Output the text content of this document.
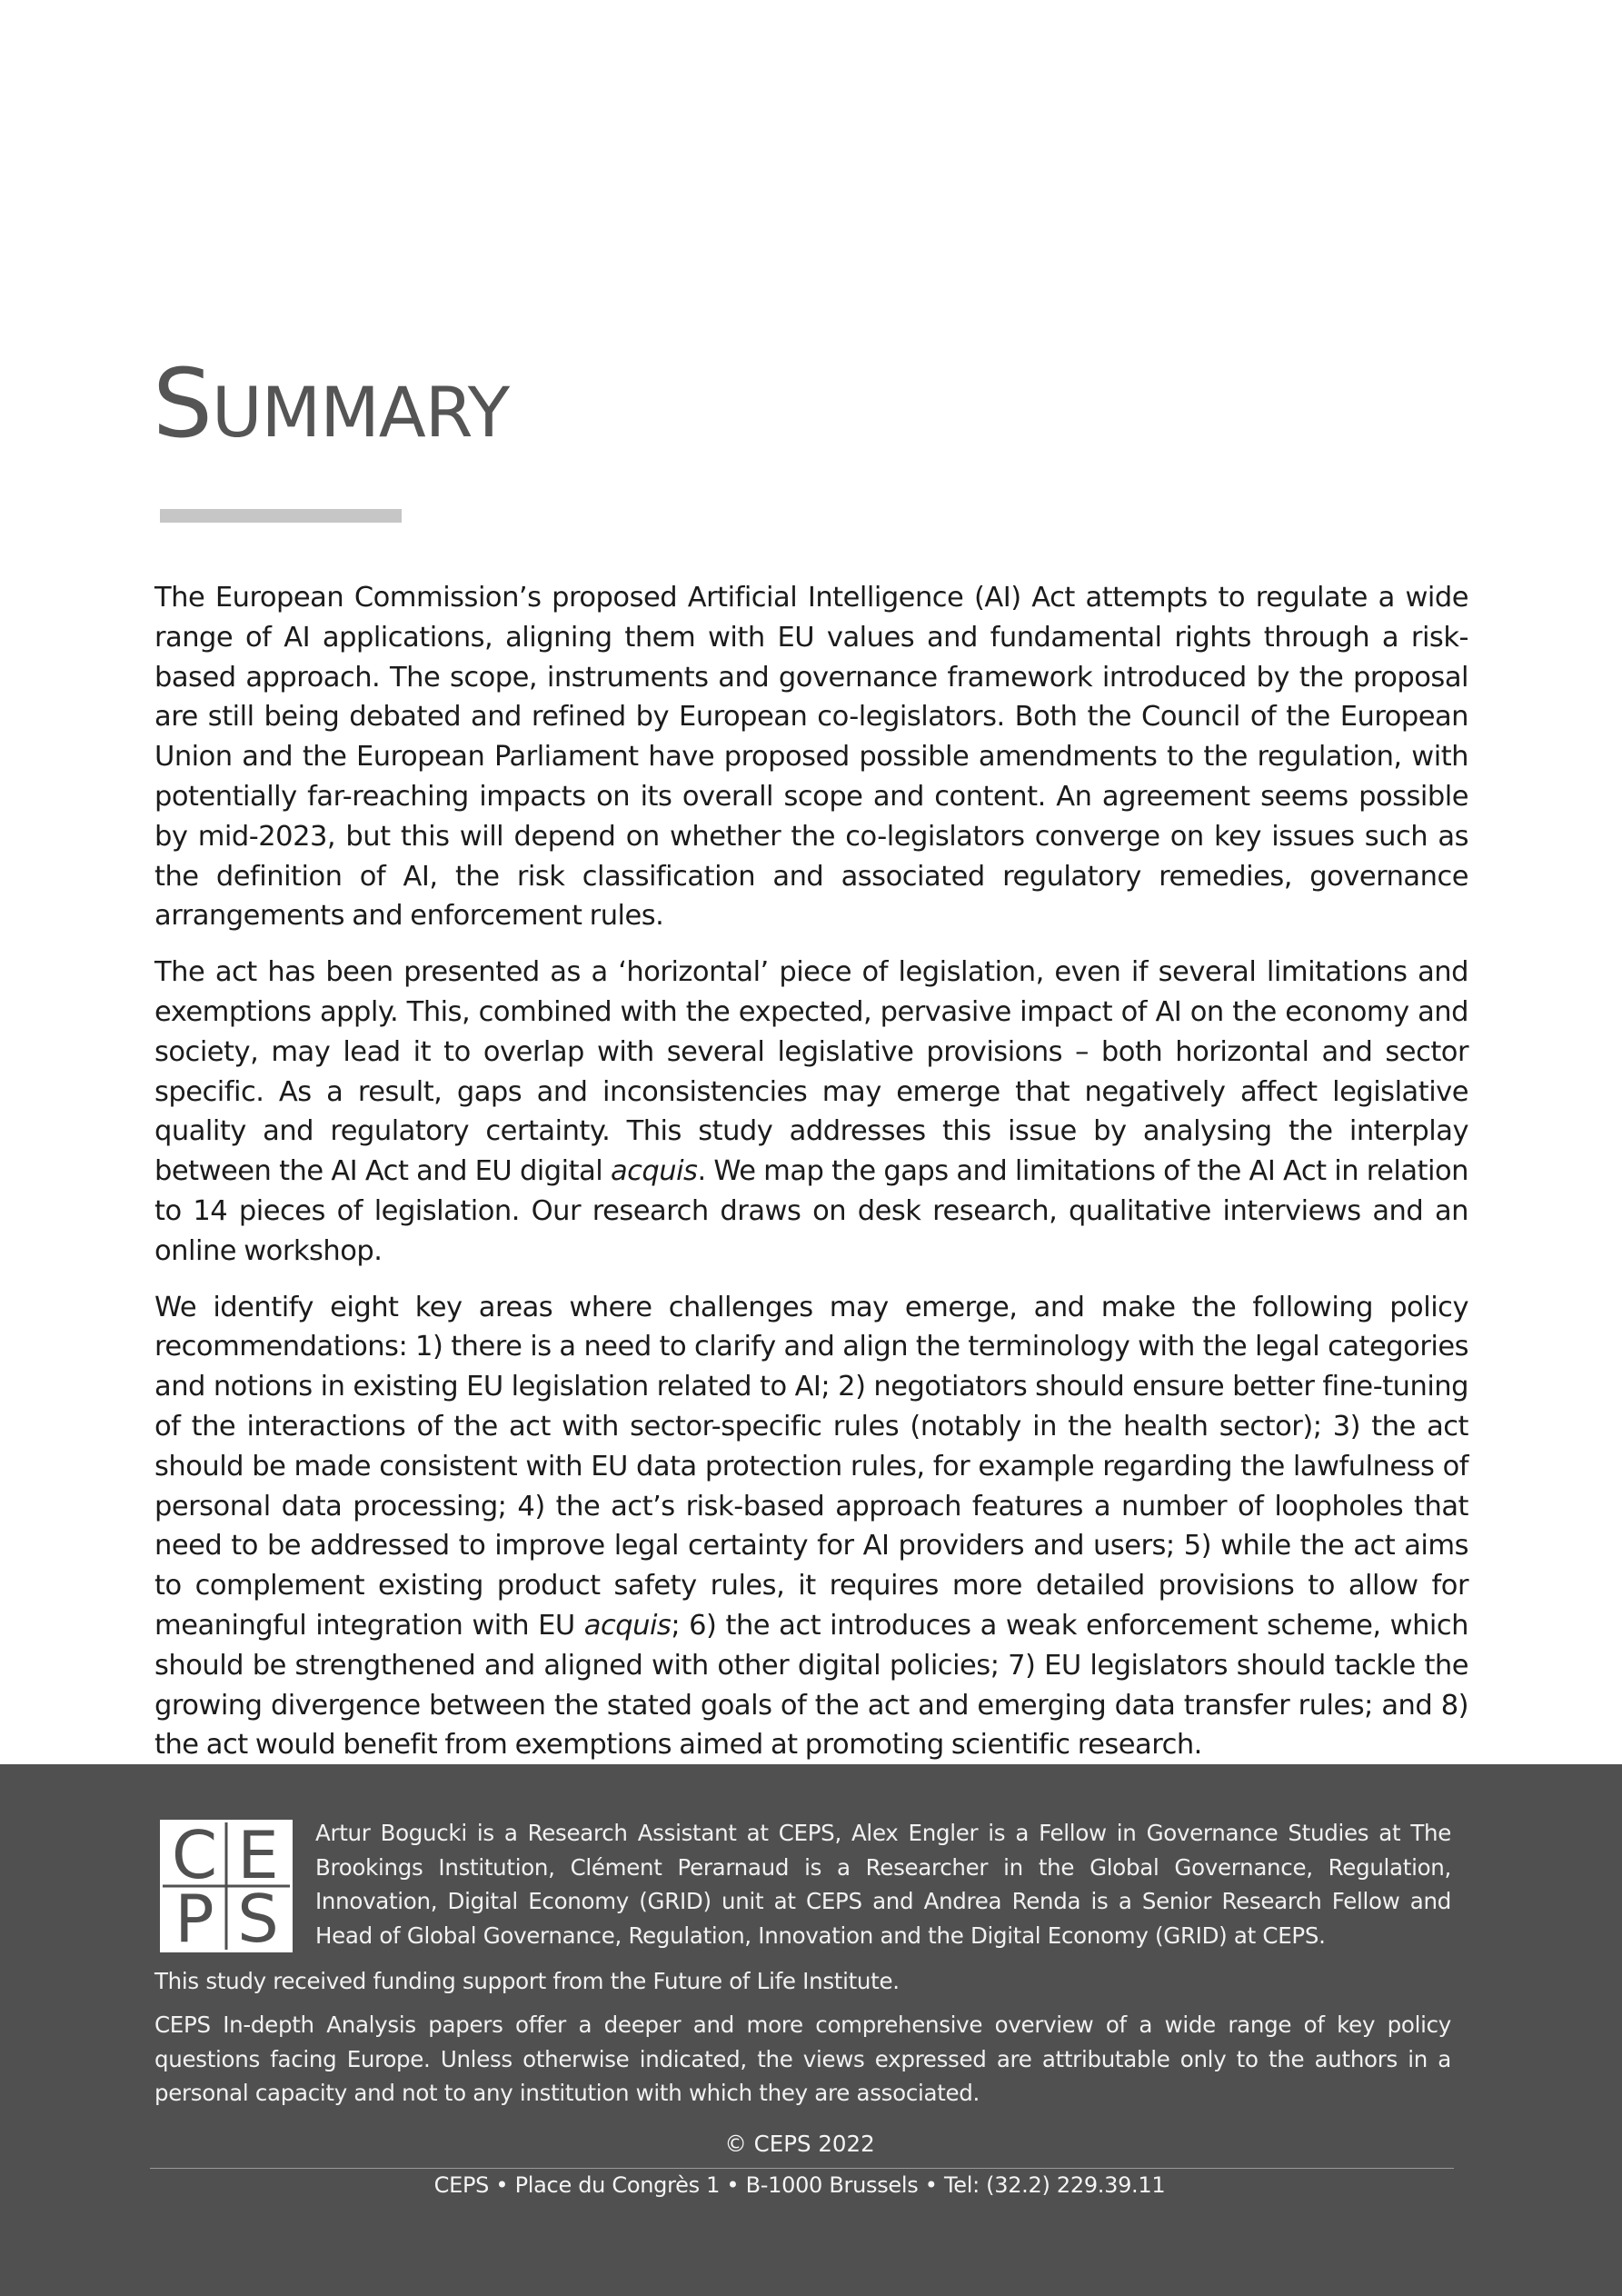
SUMMARY

The European Commission’s proposed Artificial Intelligence (AI) Act attempts to regulate a wide range of AI applications, aligning them with EU values and fundamental rights through a risk-based approach. The scope, instruments and governance framework introduced by the proposal are still being debated and refined by European co-legislators. Both the Council of the European Union and the European Parliament have proposed possible amendments to the regulation, with potentially far-reaching impacts on its overall scope and content. An agreement seems possible by mid-2023, but this will depend on whether the co-legislators converge on key issues such as the definition of AI, the risk classification and associated regulatory remedies, governance arrangements and enforcement rules.

The act has been presented as a ‘horizontal’ piece of legislation, even if several limitations and exemptions apply. This, combined with the expected, pervasive impact of AI on the economy and society, may lead it to overlap with several legislative provisions – both horizontal and sector specific. As a result, gaps and inconsistencies may emerge that negatively affect legislative quality and regulatory certainty. This study addresses this issue by analysing the interplay between the AI Act and EU digital acquis. We map the gaps and limitations of the AI Act in relation to 14 pieces of legislation. Our research draws on desk research, qualitative interviews and an online workshop.

We identify eight key areas where challenges may emerge, and make the following policy recommendations: 1) there is a need to clarify and align the terminology with the legal categories and notions in existing EU legislation related to AI; 2) negotiators should ensure better fine-tuning of the interactions of the act with sector-specific rules (notably in the health sector); 3) the act should be made consistent with EU data protection rules, for example regarding the lawfulness of personal data processing; 4) the act’s risk-based approach features a number of loopholes that need to be addressed to improve legal certainty for AI providers and users; 5) while the act aims to complement existing product safety rules, it requires more detailed provisions to allow for meaningful integration with EU acquis; 6) the act introduces a weak enforcement scheme, which should be strengthened and aligned with other digital policies; 7) EU legislators should tackle the growing divergence between the stated goals of the act and emerging data transfer rules; and 8) the act would benefit from exemptions aimed at promoting scientific research.

C E
P S

Artur Bogucki is a Research Assistant at CEPS, Alex Engler is a Fellow in Governance Studies at The Brookings Institution, Clément Perarnaud is a Researcher in the Global Governance, Regulation, Innovation, Digital Economy (GRID) unit at CEPS and Andrea Renda is a Senior Research Fellow and Head of Global Governance, Regulation, Innovation and the Digital Economy (GRID) at CEPS.

This study received funding support from the Future of Life Institute.

CEPS In-depth Analysis papers offer a deeper and more comprehensive overview of a wide range of key policy questions facing Europe. Unless otherwise indicated, the views expressed are attributable only to the authors in a personal capacity and not to any institution with which they are associated.

© CEPS 2022

CEPS • Place du Congrès 1 • B-1000 Brussels • Tel: (32.2) 229.39.11
